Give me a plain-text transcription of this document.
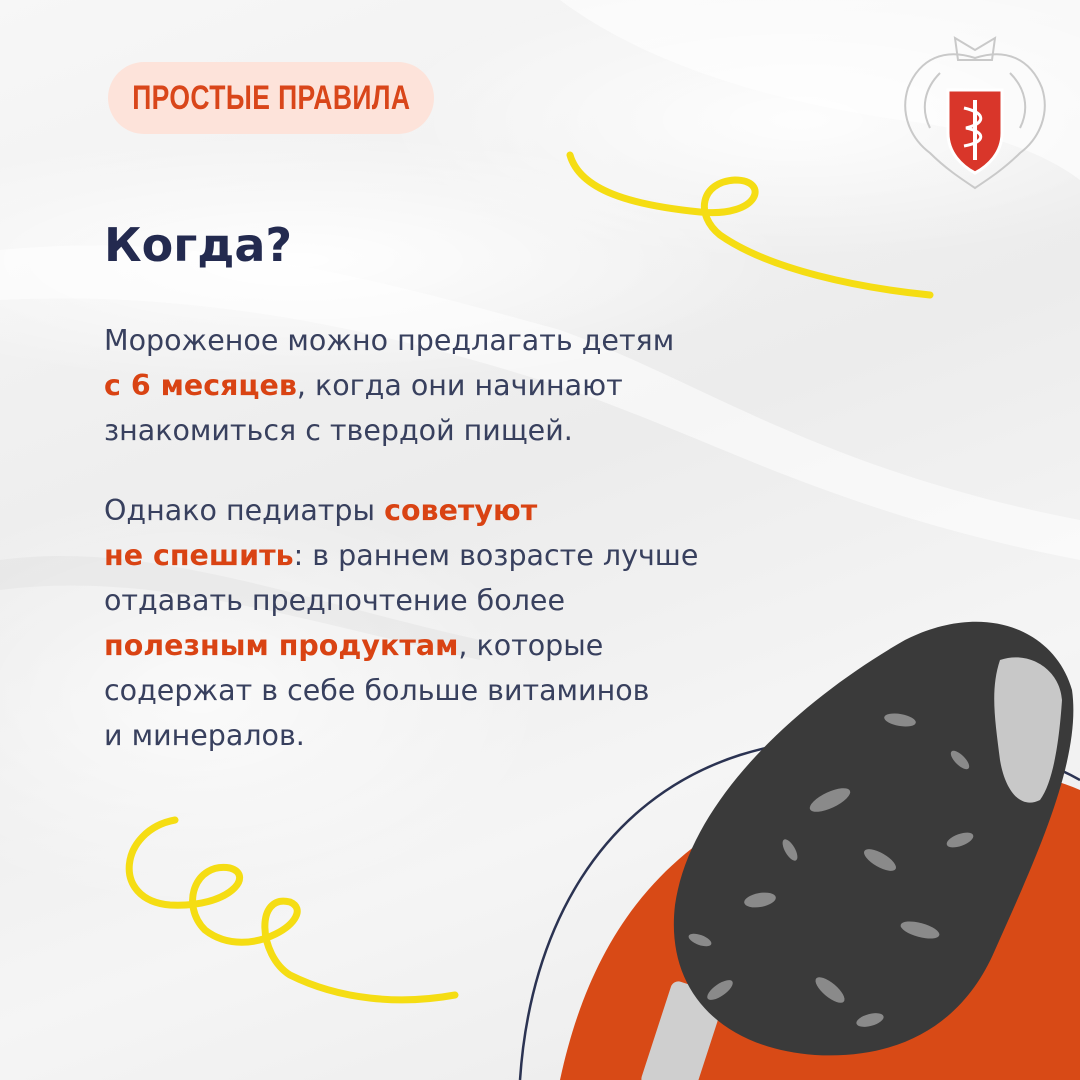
ПРОСТЫЕ ПРАВИЛА
Когда?
Мороженое можно предлагать детям
с 6 месяцев, когда они начинают
знакомиться с твердой пищей.
Однако педиатры советуют
не спешить: в раннем возрасте лучше
отдавать предпочтение более
полезным продуктам, которые
содержат в себе больше витаминов
и минералов.
